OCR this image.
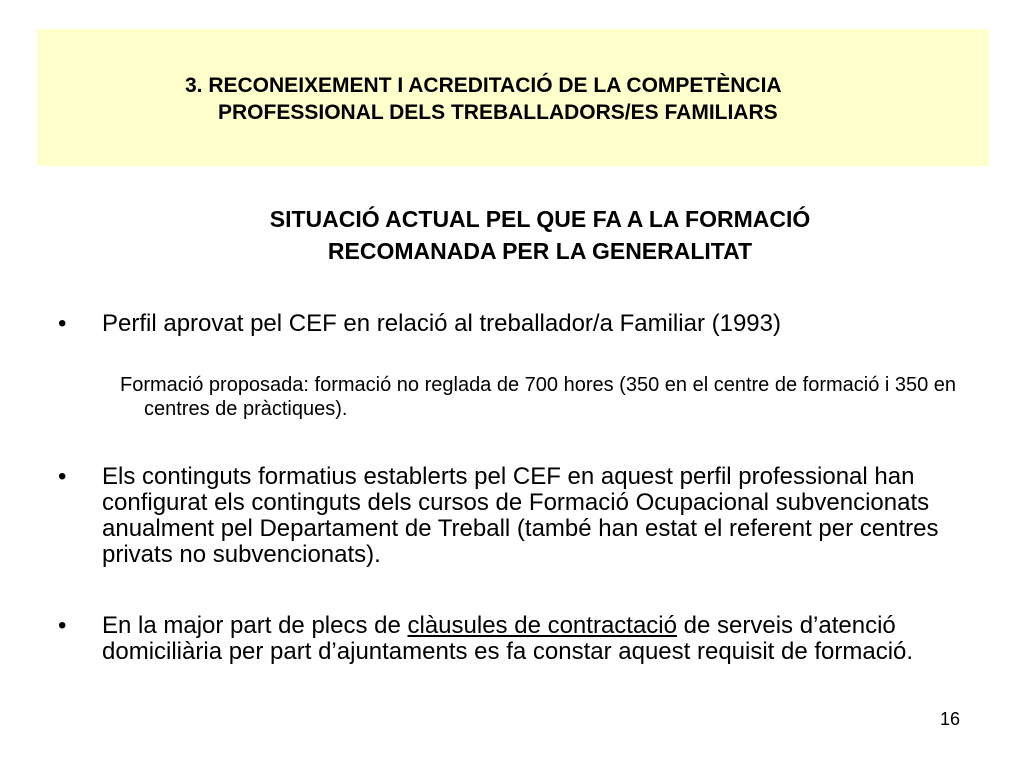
3. RECONEIXEMENT I ACREDITACIÓ DE LA COMPETÈNCIA
PROFESSIONAL DELS TREBALLADORS/ES FAMILIARS
SITUACIÓ ACTUAL PEL QUE FA A LA FORMACIÓ
RECOMANADA PER LA GENERALITAT
• Perfil aprovat pel CEF en relació al treballador/a Familiar (1993)
Formació proposada: formació no reglada de 700 hores (350 en el centre de formació i 350 en centres de pràctiques).
• Els continguts formatius establerts pel CEF en aquest perfil professional han configurat els continguts dels cursos de Formació Ocupacional subvencionats anualment pel Departament de Treball (també han estat el referent per centres privats no subvencionats).
• En la major part de plecs de clàusules de contractació de serveis d’atenció domiciliària per part d’ajuntaments es fa constar aquest requisit de formació.
16
